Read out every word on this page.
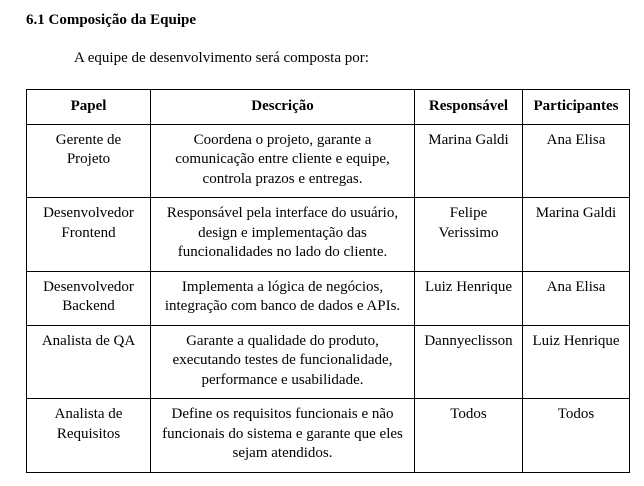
6.1 Composição da Equipe

A equipe de desenvolvimento será composta por:

Papel	Descrição	Responsável	Participantes
Gerente de Projeto	Coordena o projeto, garante a comunicação entre cliente e equipe, controla prazos e entregas.	Marina Galdi	Ana Elisa
Desenvolvedor Frontend	Responsável pela interface do usuário, design e implementação das funcionalidades no lado do cliente.	Felipe Verissimo	Marina Galdi
Desenvolvedor Backend	Implementa a lógica de negócios, integração com banco de dados e APIs.	Luiz Henrique	Ana Elisa
Analista de QA	Garante a qualidade do produto, executando testes de funcionalidade, performance e usabilidade.	Dannyeclisson	Luiz Henrique
Analista de Requisitos	Define os requisitos funcionais e não funcionais do sistema e garante que eles sejam atendidos.	Todos	Todos
